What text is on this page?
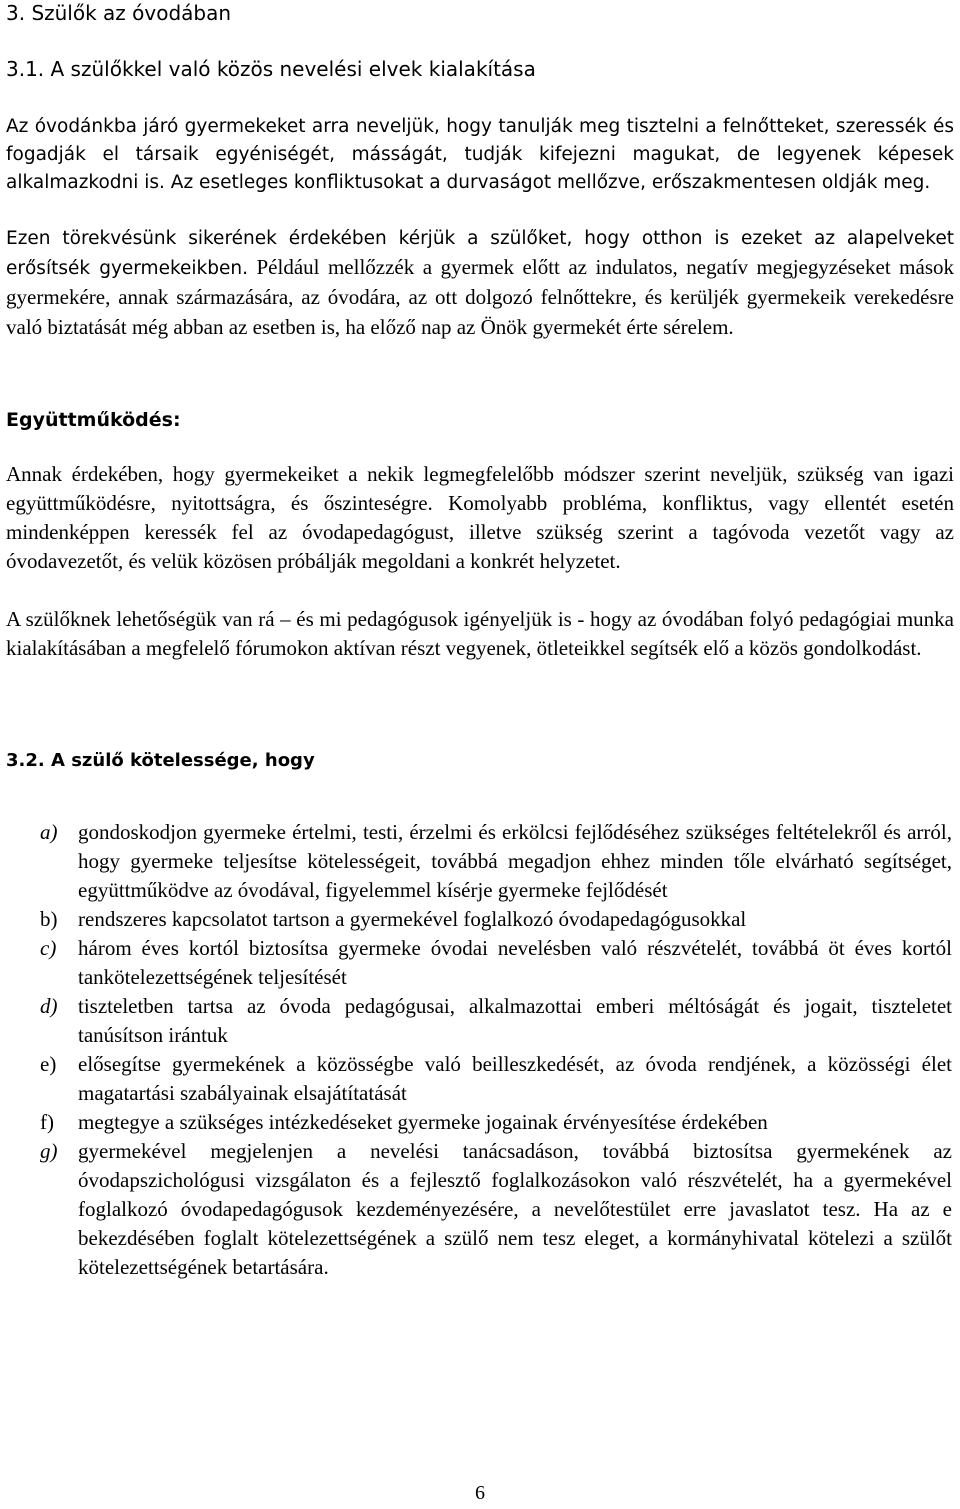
3. Szülők az óvodában
3.1. A szülőkkel való közös nevelési elvek kialakítása
Az óvodánkba járó gyermekeket arra neveljük, hogy tanulják meg tisztelni a felnőtteket, szeressék és fogadják el társaik egyéniségét, másságát, tudják kifejezni magukat, de legyenek képesek alkalmazkodni is. Az esetleges konfliktusokat a durvaságot mellőzve, erőszakmentesen oldják meg.
Ezen törekvésünk sikerének érdekében kérjük a szülőket, hogy otthon is ezeket az alapelveket erősítsék gyermekeikben. Például mellőzzék a gyermek előtt az indulatos, negatív megjegyzéseket mások gyermekére, annak származására, az óvodára, az ott dolgozó felnőttekre, és kerüljék gyermekeik verekedésre való biztatását még abban az esetben is, ha előző nap az Önök gyermekét érte sérelem.
Együttműködés:
Annak érdekében, hogy gyermekeiket a nekik legmegfelelőbb módszer szerint neveljük, szükség van igazi együttműködésre, nyitottságra, és őszinteségre. Komolyabb probléma, konfliktus, vagy ellentét esetén mindenképpen keressék fel az óvodapedagógust, illetve szükség szerint a tagóvoda vezetőt vagy az óvodavezetőt, és velük közösen próbálják megoldani a konkrét helyzetet.
A szülőknek lehetőségük van rá – és mi pedagógusok igényeljük is - hogy az óvodában folyó pedagógiai munka kialakításában a megfelelő fórumokon aktívan részt vegyenek, ötleteikkel segítsék elő a közös gondolkodást.
3.2. A szülő kötelessége, hogy
a) gondoskodjon gyermeke értelmi, testi, érzelmi és erkölcsi fejlődéséhez szükséges feltételekről és arról, hogy gyermeke teljesítse kötelességeit, továbbá megadjon ehhez minden tőle elvárható segítséget, együttműködve az óvodával, figyelemmel kísérje gyermeke fejlődését
b) rendszeres kapcsolatot tartson a gyermekével foglalkozó óvodapedagógusokkal
c)	három éves kortól biztosítsa gyermeke óvodai nevelésben való részvételét, továbbá öt éves kortól tankötelezettségének teljesítését
d) tiszteletben tartsa az óvoda pedagógusai, alkalmazottai emberi méltóságát és jogait, tiszteletet tanúsítson irántuk
e)	elősegítse gyermekének a közösségbe való beilleszkedését, az óvoda rendjének, a közösségi élet magatartási szabályainak elsajátítatását
f)	megtegye a szükséges intézkedéseket gyermeke jogainak érvényesítése érdekében
g) gyermekével megjelenjen a nevelési tanácsadáson, továbbá biztosítsa gyermekének az óvodapszichológusi vizsgálaton és a fejlesztő foglalkozásokon való részvételét, ha a gyermekével foglalkozó óvodapedagógusok kezdeményezésére, a nevelőtestület erre javaslatot tesz. Ha az e bekezdésében foglalt kötelezettségének a szülő nem tesz eleget, a kormányhivatal kötelezi a szülőt kötelezettségének betartására.
6
